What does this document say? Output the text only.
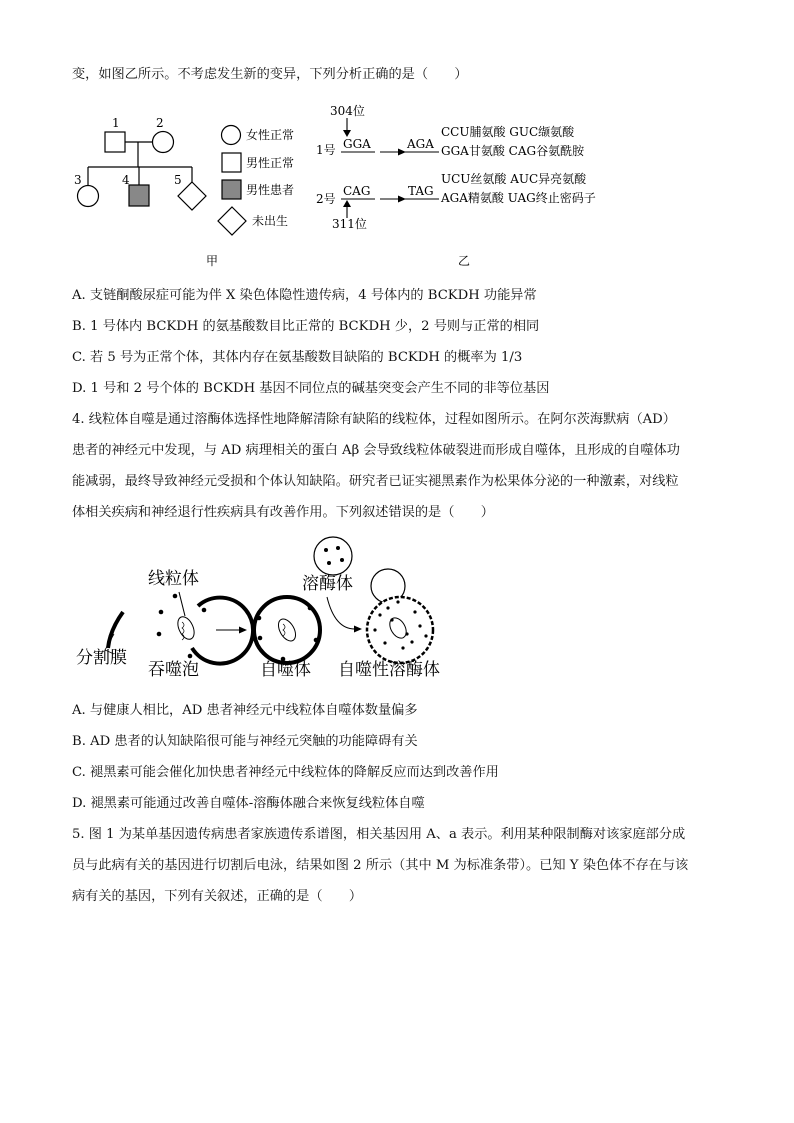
变，如图乙所示。不考虑发生新的变异，下列分析正确的是（　　）
1	2
3	4	5
女性正常
男性正常
男性患者
未出生
甲
304位
1号 GGA	AGA
CCU脯氨酸 GUC缬氨酸
GGA甘氨酸 CAG谷氨酰胺
2号
CAG	TAG
UCU丝氨酸 AUC异亮氨酸
AGA精氨酸 UAG终止密码子
311位
乙
A. 支链酮酸尿症可能为伴 X 染色体隐性遗传病，4 号体内的 BCKDH 功能异常
B. 1 号体内 BCKDH 的氨基酸数目比正常的 BCKDH 少，2 号则与正常的相同
C. 若 5 号为正常个体，其体内存在氨基酸数目缺陷的 BCKDH 的概率为 1/3
D. 1 号和 2 号个体的 BCKDH 基因不同位点的碱基突变会产生不同的非等位基因
4. 线粒体自噬是通过溶酶体选择性地降解清除有缺陷的线粒体，过程如图所示。在阿尔茨海默病（AD）
患者的神经元中发现，与 AD 病理相关的蛋白 Aβ 会导致线粒体破裂进而形成自噬体，且形成的自噬体功
能减弱，最终导致神经元受损和个体认知缺陷。研究者已证实褪黑素作为松果体分泌的一种激素，对线粒
体相关疾病和神经退行性疾病具有改善作用。下列叙述错误的是（　　）
分割膜
线粒体
吞噬泡	自噬体
溶酶体
自噬性溶酶体
A. 与健康人相比，AD 患者神经元中线粒体自噬体数量偏多
B. AD 患者的认知缺陷很可能与神经元突触的功能障碍有关
C. 褪黑素可能会催化加快患者神经元中线粒体的降解反应而达到改善作用
D. 褪黑素可能通过改善自噬体-溶酶体融合来恢复线粒体自噬
5. 图 1 为某单基因遗传病患者家族遗传系谱图，相关基因用 A、a 表示。利用某种限制酶对该家庭部分成
员与此病有关的基因进行切割后电泳，结果如图 2 所示（其中 M 为标准条带）。已知 Y 染色体不存在与该
病有关的基因，下列有关叙述，正确的是（　　）
